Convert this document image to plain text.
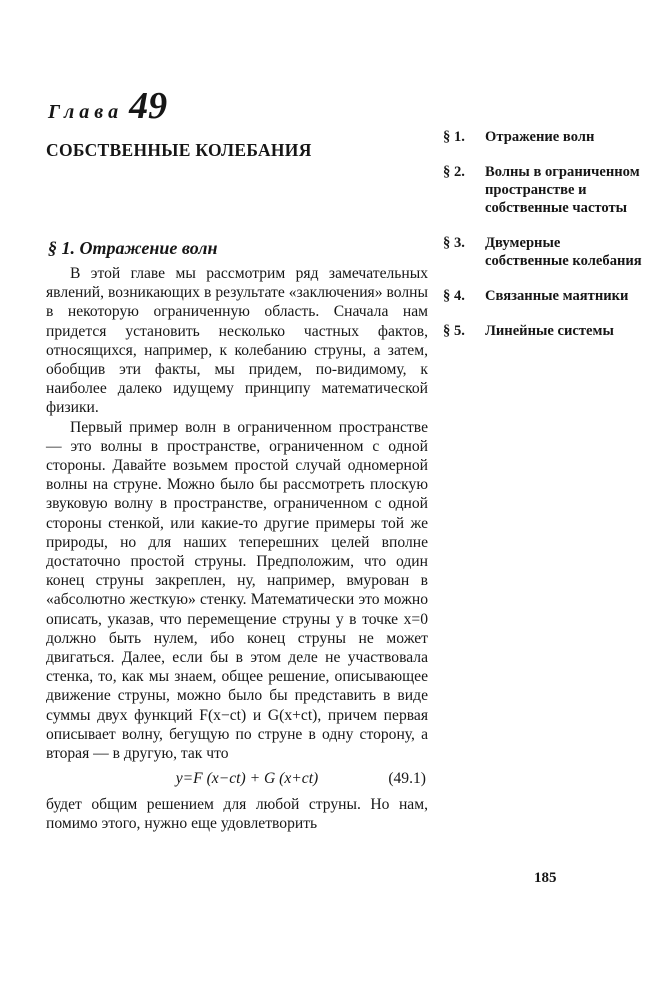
Глава 49
СОБСТВЕННЫЕ КОЛЕБАНИЯ
§ 1. Отражение волн
§ 2. Волны в ограниченном пространстве и собственные частоты
§ 3. Двумерные собственные колебания
§ 4. Связанные маятники
§ 5. Линейные системы
§ 1. Отражение волн

В этой главе мы рассмотрим ряд замечательных явлений, возникающих в результате «заключения» волны в некоторую ограниченную область. Сначала нам придется установить несколько частных фактов, относящихся, например, к колебанию струны, а затем, обобщив эти факты, мы придем, по-видимому, к наиболее далеко идущему принципу математической физики.

Первый пример волн в ограниченном пространстве — это волны в пространстве, ограниченном с одной стороны. Давайте возьмем простой случай одномерной волны на струне. Можно было бы рассмотреть плоскую звуковую волну в пространстве, ограниченном с одной стороны стенкой, или какие-то другие примеры той же природы, но для наших теперешних целей вполне достаточно простой струны. Предположим, что один конец струны закреплен, ну, например, вмурован в «абсолютно жесткую» стенку. Математически это можно описать, указав, что перемещение струны y в точке x=0 должно быть нулем, ибо конец струны не может двигаться. Далее, если бы в этом деле не участвовала стенка, то, как мы знаем, общее решение, описывающее движение струны, можно было бы представить в виде суммы двух функций F(x−ct) и G(x+ct), причем первая описывает волну, бегущую по струне в одну сторону, а вторая — в другую, так что

y=F (x−ct) + G (x+ct)	(49.1)

будет общим решением для любой струны. Но нам, помимо этого, нужно еще удовлетворить

185
